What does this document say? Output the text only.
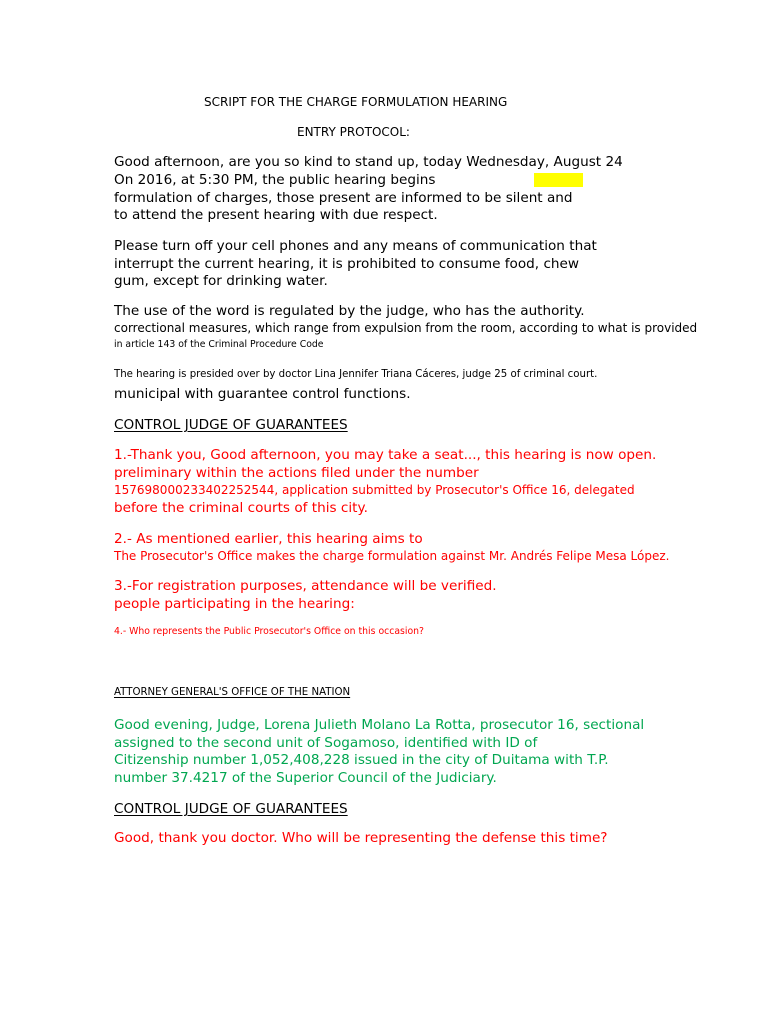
SCRIPT FOR THE CHARGE FORMULATION HEARING

ENTRY PROTOCOL:

Good afternoon, are you so kind to stand up, today Wednesday, August 24

On 2016, at 5:30 PM, the public hearing begins

formulation of charges, those present are informed to be silent and

to attend the present hearing with due respect.

Please turn off your cell phones and any means of communication that

interrupt the current hearing, it is prohibited to consume food, chew

gum, except for drinking water.

The use of the word is regulated by the judge, who has the authority.

correctional measures, which range from expulsion from the room, according to what is provided

in article 143 of the Criminal Procedure Code

The hearing is presided over by doctor Lina Jennifer Triana Cáceres, judge 25 of criminal court.

municipal with guarantee control functions.

CONTROL JUDGE OF GUARANTEES

1.-Thank you, Good afternoon, you may take a seat..., this hearing is now open.

preliminary within the actions filed under the number

157698000233402252544, application submitted by Prosecutor's Office 16, delegated

before the criminal courts of this city.

2.- As mentioned earlier, this hearing aims to

The Prosecutor's Office makes the charge formulation against Mr. Andrés Felipe Mesa López.

3.-For registration purposes, attendance will be verified.

people participating in the hearing:

4.- Who represents the Public Prosecutor's Office on this occasion?

ATTORNEY GENERAL'S OFFICE OF THE NATION

Good evening, Judge, Lorena Julieth Molano La Rotta, prosecutor 16, sectional

assigned to the second unit of Sogamoso, identified with ID of

Citizenship number 1,052,408,228 issued in the city of Duitama with T.P.

number 37.4217 of the Superior Council of the Judiciary.

CONTROL JUDGE OF GUARANTEES

Good, thank you doctor. Who will be representing the defense this time?
